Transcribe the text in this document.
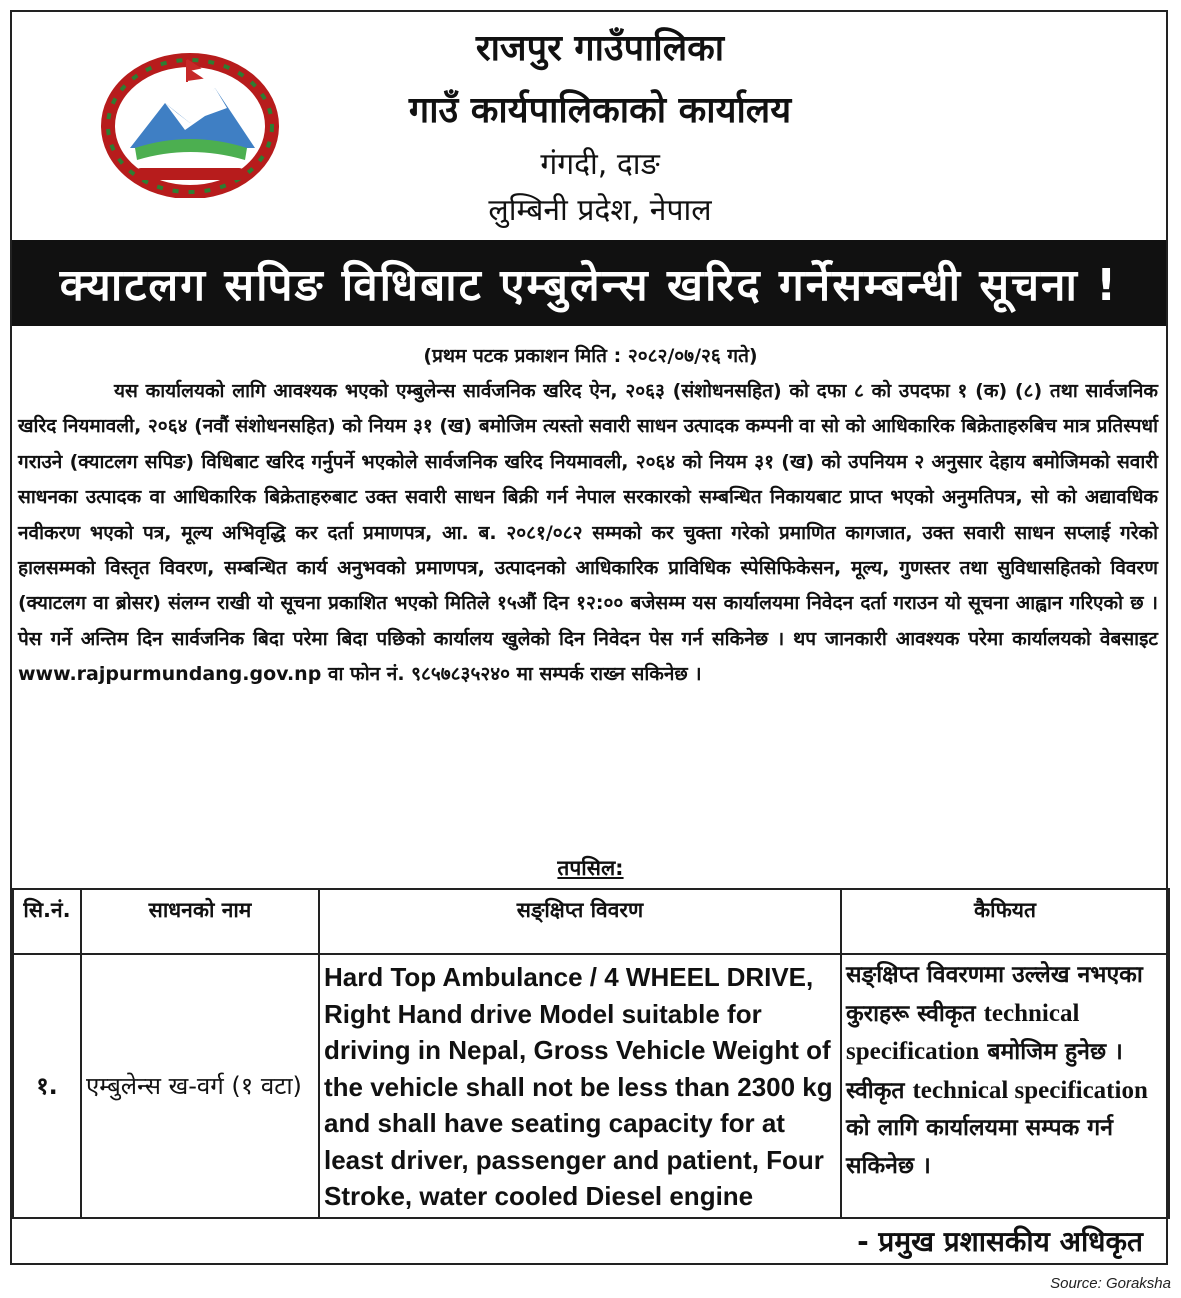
राजपुर गाउँपालिका
गाउँ कार्यपालिकाको कार्यालय
गंगदी, दाङ
लुम्बिनी प्रदेश, नेपाल
क्याटलग सपिङ विधिबाट एम्बुलेन्स खरिद गर्नेसम्बन्धी सूचना !
(प्रथम पटक प्रकाशन मिति : २०८२/०७/२६ गते)
यस कार्यालयको लागि आवश्यक भएको एम्बुलेन्स सार्वजनिक खरिद ऐन, २०६३ (संशोधनसहित) को दफा ८ को उपदफा १ (क) (८) तथा सार्वजनिक खरिद नियमावली, २०६४ (नवौं संशोधनसहित) को नियम ३१ (ख) बमोजिम त्यस्तो सवारी साधन उत्पादक कम्पनी वा सो को आधिकारिक बिक्रेताहरुबिच मात्र प्रतिस्पर्धा गराउने (क्याटलग सपिङ) विधिबाट खरिद गर्नुपर्ने भएकोले सार्वजनिक खरिद नियमावली, २०६४ को नियम ३१ (ख) को उपनियम २ अनुसार देहाय बमोजिमको सवारी साधनका उत्पादक वा आधिकारिक बिक्रेताहरुबाट उक्त सवारी साधन बिक्री गर्न नेपाल सरकारको सम्बन्धित निकायबाट प्राप्त भएको अनुमतिपत्र, सो को अद्यावधिक नवीकरण भएको पत्र, मूल्य अभिवृद्धि कर दर्ता प्रमाणपत्र, आ. ब. २०८१/०८२ सम्मको कर चुक्ता गरेको प्रमाणित कागजात, उक्त सवारी साधन सप्लाई गरेको हालसम्मको विस्तृत विवरण, सम्बन्धित कार्य अनुभवको प्रमाणपत्र, उत्पादनको आधिकारिक प्राविधिक स्पेसिफिकेसन, मूल्य, गुणस्तर तथा सुविधासहितको विवरण (क्याटलग वा ब्रोसर) संलग्न राखी यो सूचना प्रकाशित भएको मितिले १५औं दिन १२:०० बजेसम्म यस कार्यालयमा निवेदन दर्ता गराउन यो सूचना आह्वान गरिएको छ । पेस गर्ने अन्तिम दिन सार्वजनिक बिदा परेमा बिदा पछिको कार्यालय खुलेको दिन निवेदन पेस गर्न सकिनेछ । थप जानकारी आवश्यक परेमा कार्यालयको वेबसाइट www.rajpurmundang.gov.np वा फोन नं. ९८५७८३५२४० मा सम्पर्क राख्न सकिनेछ ।
तपसिल:
सि.नं.	साधनको नाम	सङ्क्षिप्त विवरण	कैफियत
१.	एम्बुलेन्स ख-वर्ग (१ वटा)	Hard Top Ambulance / 4 WHEEL DRIVE, Right Hand drive Model suitable for driving in Nepal, Gross Vehicle Weight of the vehicle shall not be less than 2300 kg and shall have seating capacity for at least driver, passenger and patient, Four Stroke, water cooled Diesel engine	सङ्क्षिप्त विवरणमा उल्लेख नभएका कुराहरू स्वीकृत technical specification बमोजिम हुनेछ । स्वीकृत technical specification को लागि कार्यालयमा सम्पक गर्न सकिनेछ ।
- प्रमुख प्रशासकीय अधिकृत
Source: Goraksha
